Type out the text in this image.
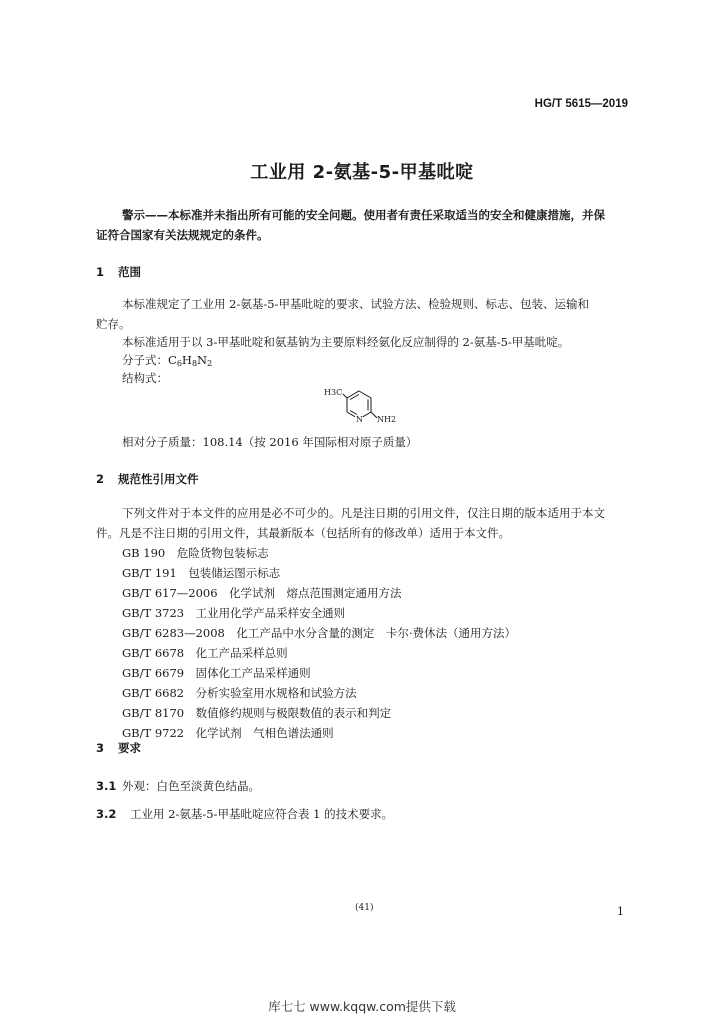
HG/T 5615—2019
工业用 2-氨基-5-甲基吡啶
警示——本标准并未指出所有可能的安全问题。使用者有责任采取适当的安全和健康措施，并保
证符合国家有关法规规定的条件。
1 范围
本标准规定了工业用 2-氨基-5-甲基吡啶的要求、试验方法、检验规则、标志、包装、运输和
贮存。
本标准适用于以 3-甲基吡啶和氨基钠为主要原料经氨化反应制得的 2-氨基-5-甲基吡啶。
分子式：$C_6H_8N_2$
结构式：
H3C
N NH2
相对分子质量：108.14（按 2016 年国际相对原子质量）
2 规范性引用文件
下列文件对于本文件的应用是必不可少的。凡是注日期的引用文件，仅注日期的版本适用于本文
件。凡是不注日期的引用文件，其最新版本（包括所有的修改单）适用于本文件。
GB 190　 危险货物包装标志
GB/T 191　 包装储运图示标志
GB/T 617—2006　 化学试剂　熔点范围测定通用方法
GB/T 3723　 工业用化学产品采样安全通则
GB/T 6283—2008　 化工产品中水分含量的测定　卡尔·费休法（通用方法）
GB/T 6678　 化工产品采样总则
GB/T 6679　 固体化工产品采样通则
GB/T 6682　 分析实验室用水规格和试验方法
GB/T 8170　 数值修约规则与极限数值的表示和判定
GB/T 9722　 化学试剂　气相色谱法通则
3 要求
3.1 外观：白色至淡黄色结晶。
3.2 工业用 2-氨基-5-甲基吡啶应符合表 1 的技术要求。
(41)	1
库七七 www.kqqw.com提供下载
